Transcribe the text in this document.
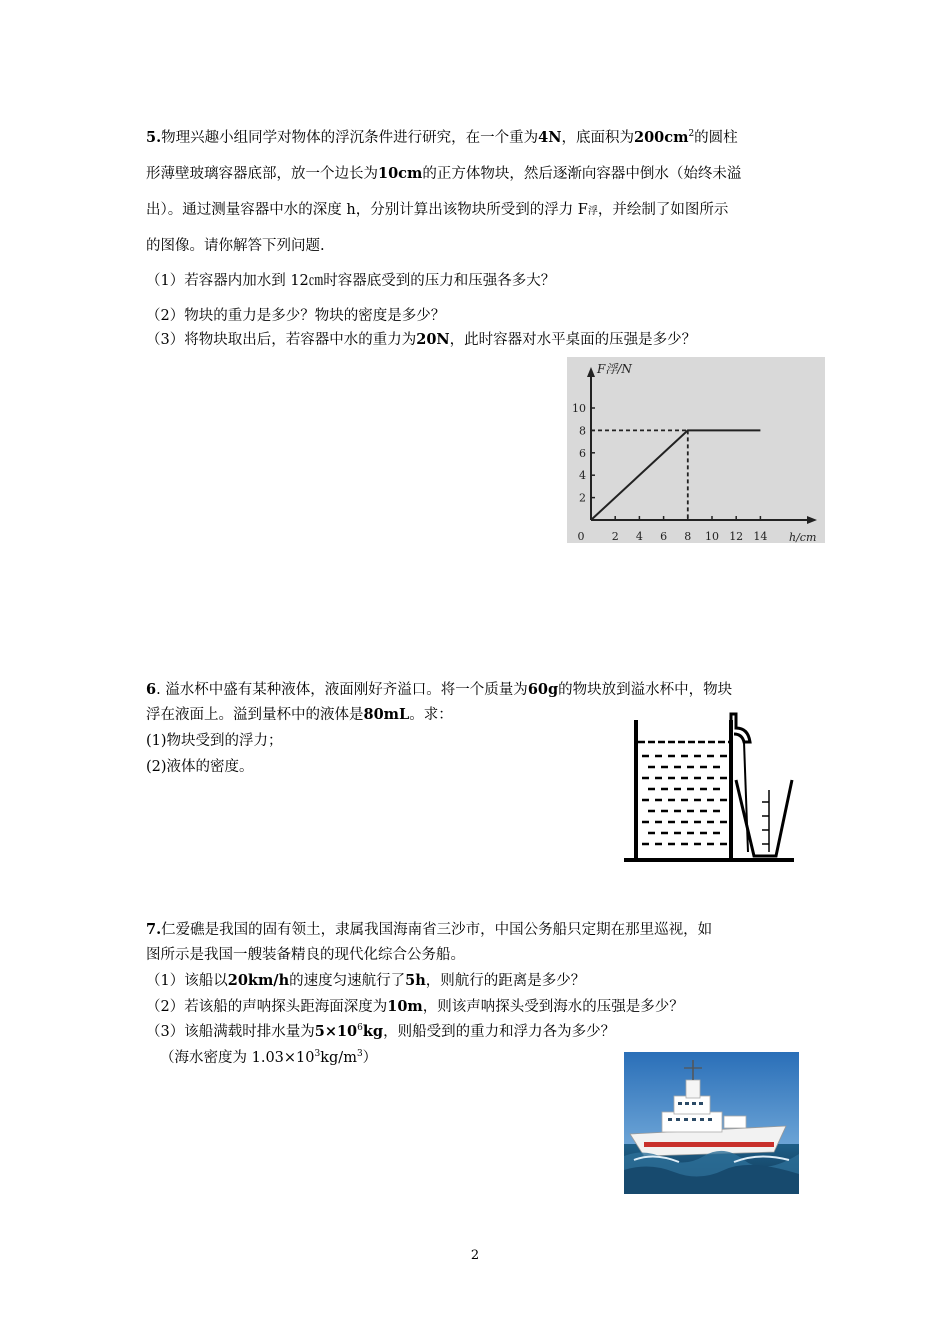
5.物理兴趣小组同学对物体的浮沉条件进行研究，在一个重为4N，底面积为$200cm^2$的圆柱
形薄壁玻璃容器底部，放一个边长为10cm的正方体物块，然后逐渐向容器中倒水（始终未溢
出）。通过测量容器中水的深度 h，分别计算出该物块所受到的浮力 F浮，并绘制了如图所示
的图像。请你解答下列问题.
（1）若容器内加水到 12㎝时容器底受到的压力和压强各多大？
（2）物块的重力是多少？物块的密度是多少？
（3）将物块取出后，若容器中水的重力为20N，此时容器对水平桌面的压强是多少？
2 4 6 8 10 12 14
2
4
6
8
10
0
F浮/N
h/cm
6. 溢水杯中盛有某种液体，液面刚好齐溢口。将一个质量为60g的物块放到溢水杯中，物块
浮在液面上。溢到量杯中的液体是80mL。求：
(1)物块受到的浮力；
(2)液体的密度。
7.仁爱礁是我国的固有领土，隶属我国海南省三沙市，中国公务船只定期在那里巡视，如
图所示是我国一艘装备精良的现代化综合公务船。
（1）该船以20km/h的速度匀速航行了5h，则航行的距离是多少？
（2）若该船的声呐探头距海面深度为10m，则该声呐探头受到海水的压强是多少？
（3）该船满载时排水量为$5\times 10^6kg$，则船受到的重力和浮力各为多少？
（海水密度为 $1.03\times 10^3kg/m^3$）
2
